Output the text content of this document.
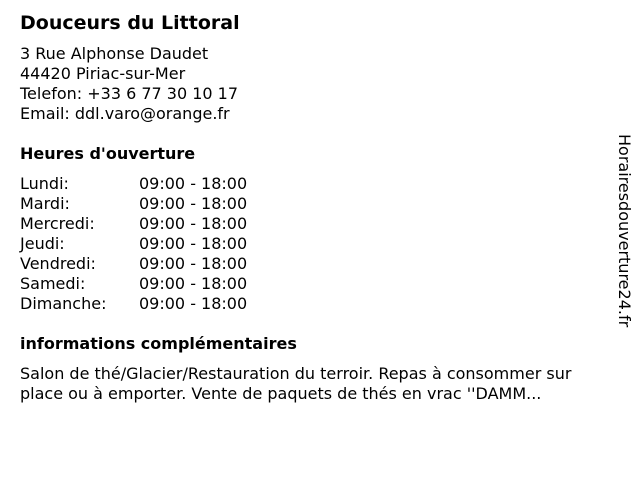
Douceurs du Littoral
3 Rue Alphonse Daudet
44420 Piriac-sur-Mer
Telefon: +33 6 77 30 10 17
Email: ddl.varo@orange.fr
Heures d'ouverture
Lundi:	09:00 - 18:00
Mardi:	09:00 - 18:00
Mercredi:	09:00 - 18:00
Jeudi:	09:00 - 18:00
Vendredi:	09:00 - 18:00
Samedi:	09:00 - 18:00
Dimanche:	09:00 - 18:00
informations complémentaires
Salon de thé/Glacier/Restauration du terroir. Repas à consommer sur place ou à emporter. Vente de paquets de thés en vrac ''DAMM...
Horairesdouverture24.fr
